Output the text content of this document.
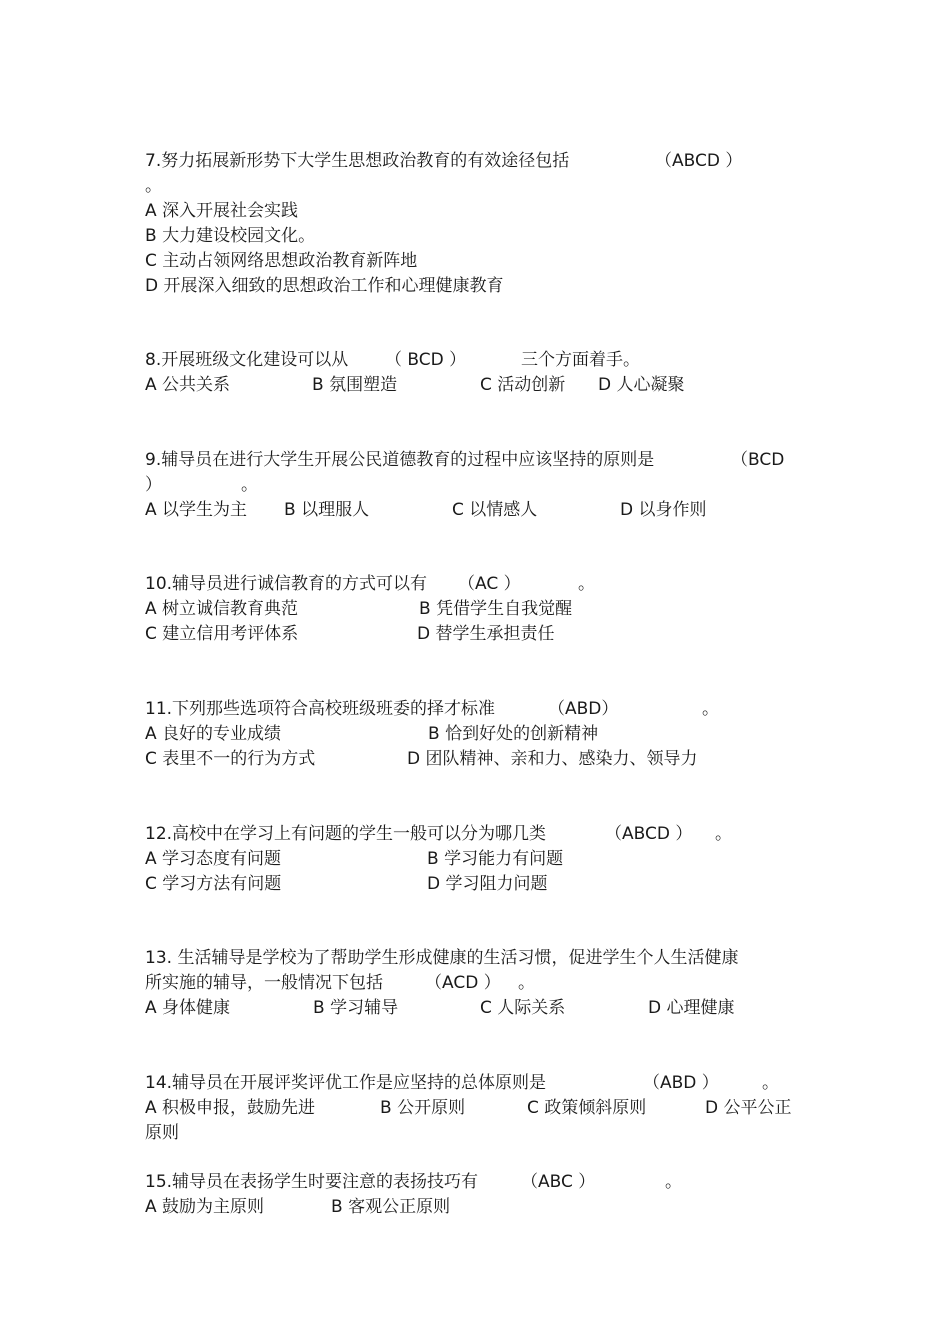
7.努力拓展新形势下大学生思想政治教育的有效途径包括	（ABCD ）
。
A 深入开展社会实践
B 大力建设校园文化。
C 主动占领网络思想政治教育新阵地
D 开展深入细致的思想政治工作和心理健康教育
8.开展班级文化建设可以从 （ BCD ）	三个方面着手。
A 公共关系	B 氛围塑造	C 活动创新 D 人心凝聚
9.辅导员在进行大学生开展公民道德教育的过程中应该坚持的原则是	（BCD
）	。
A 以学生为主 B 以理服人	C 以情感人	D 以身作则
10.辅导员进行诚信教育的方式可以有 （AC ）	。
A 树立诚信教育典范	B 凭借学生自我觉醒
C 建立信用考评体系	D 替学生承担责任
11.下列那些选项符合高校班级班委的择才标准	（ABD）	。
A 良好的专业成绩	B 恰到好处的创新精神
C 表里不一的行为方式	D 团队精神、亲和力、感染力、领导力
12.高校中在学习上有问题的学生一般可以分为哪几类	（ABCD ） 。
A 学习态度有问题	B 学习能力有问题
C 学习方法有问题	D 学习阻力问题
13. 生活辅导是学校为了帮助学生形成健康的生活习惯，促进学生个人生活健康
所实施的辅导，一般情况下包括 （ACD ） 。
A 身体健康	B 学习辅导	C 人际关系	D 心理健康
14.辅导员在开展评奖评优工作是应坚持的总体原则是	（ABD ）	。
A 积极申报，鼓励先进	B 公开原则	C 政策倾斜原则	D 公平公正
原则
15.辅导员在表扬学生时要注意的表扬技巧有	（ABC ）	。
A 鼓励为主原则	B 客观公正原则
